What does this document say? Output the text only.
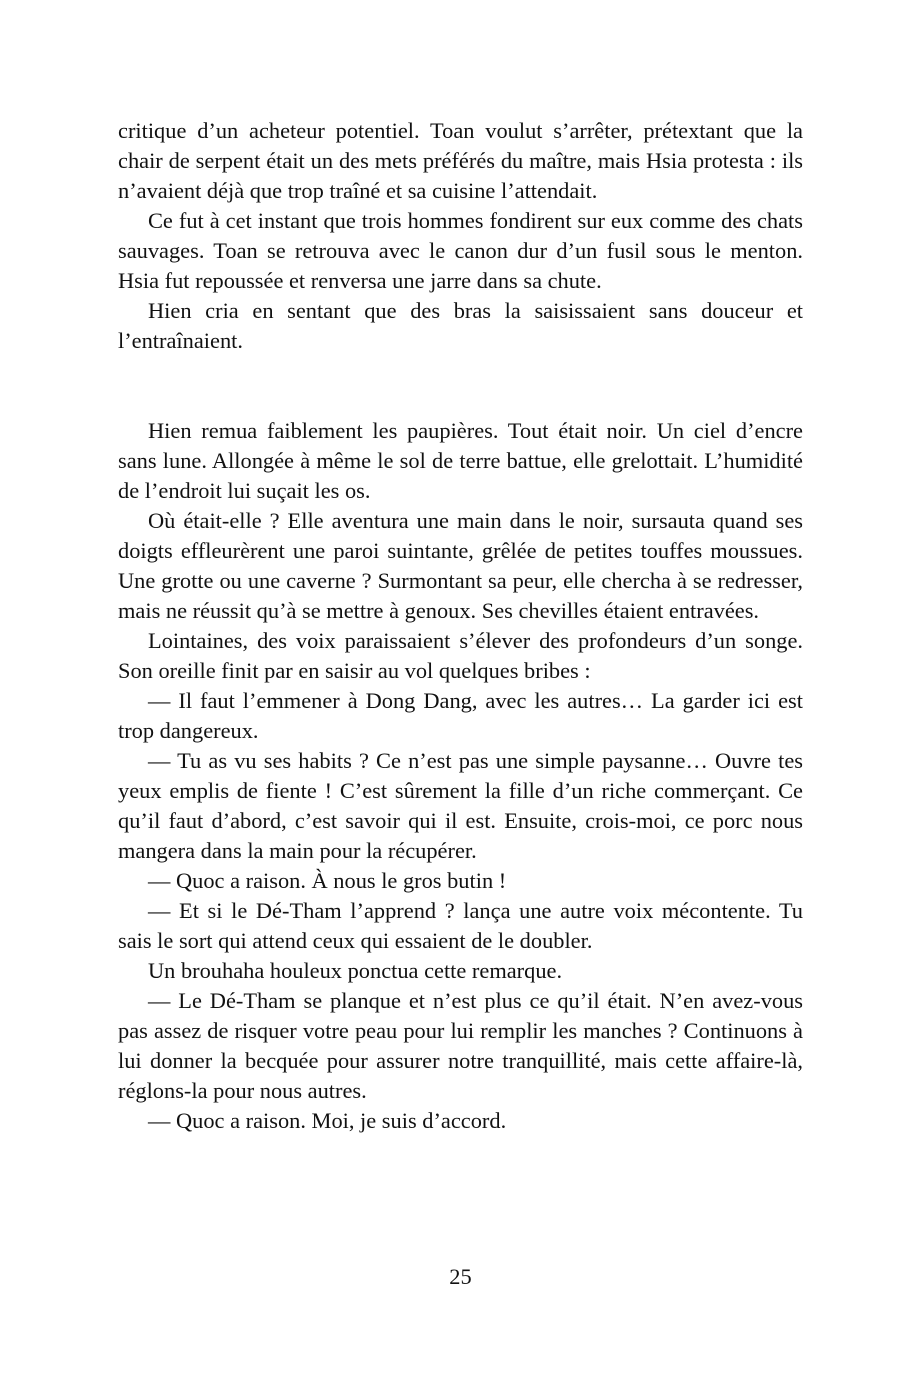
critique d’un acheteur potentiel. Toan voulut s’arrêter, prétextant que la chair de serpent était un des mets préférés du maître, mais Hsia protesta : ils n’avaient déjà que trop traîné et sa cuisine l’attendait.

Ce fut à cet instant que trois hommes fondirent sur eux comme des chats sauvages. Toan se retrouva avec le canon dur d’un fusil sous le menton. Hsia fut repoussée et renversa une jarre dans sa chute.

Hien cria en sentant que des bras la saisissaient sans douceur et l’entraînaient.

Hien remua faiblement les paupières. Tout était noir. Un ciel d’encre sans lune. Allongée à même le sol de terre battue, elle grelottait. L’humidité de l’endroit lui suçait les os.

Où était-elle ? Elle aventura une main dans le noir, sursauta quand ses doigts effleurèrent une paroi suintante, grêlée de petites touffes moussues. Une grotte ou une caverne ? Surmontant sa peur, elle chercha à se redresser, mais ne réussit qu’à se mettre à genoux. Ses chevilles étaient entravées.

Lointaines, des voix paraissaient s’élever des profondeurs d’un songe. Son oreille finit par en saisir au vol quelques bribes :

— Il faut l’emmener à Dong Dang, avec les autres… La garder ici est trop dangereux.

— Tu as vu ses habits ? Ce n’est pas une simple paysanne… Ouvre tes yeux emplis de fiente ! C’est sûrement la fille d’un riche commerçant. Ce qu’il faut d’abord, c’est savoir qui il est. Ensuite, crois-moi, ce porc nous mangera dans la main pour la récupérer.

— Quoc a raison. À nous le gros butin !

— Et si le Dé-Tham l’apprend ? lança une autre voix mécontente. Tu sais le sort qui attend ceux qui essaient de le doubler.

Un brouhaha houleux ponctua cette remarque.

— Le Dé-Tham se planque et n’est plus ce qu’il était. N’en avez-vous pas assez de risquer votre peau pour lui remplir les manches ? Continuons à lui donner la becquée pour assurer notre tranquillité, mais cette affaire-là, réglons-la pour nous autres.

— Quoc a raison. Moi, je suis d’accord.

25
